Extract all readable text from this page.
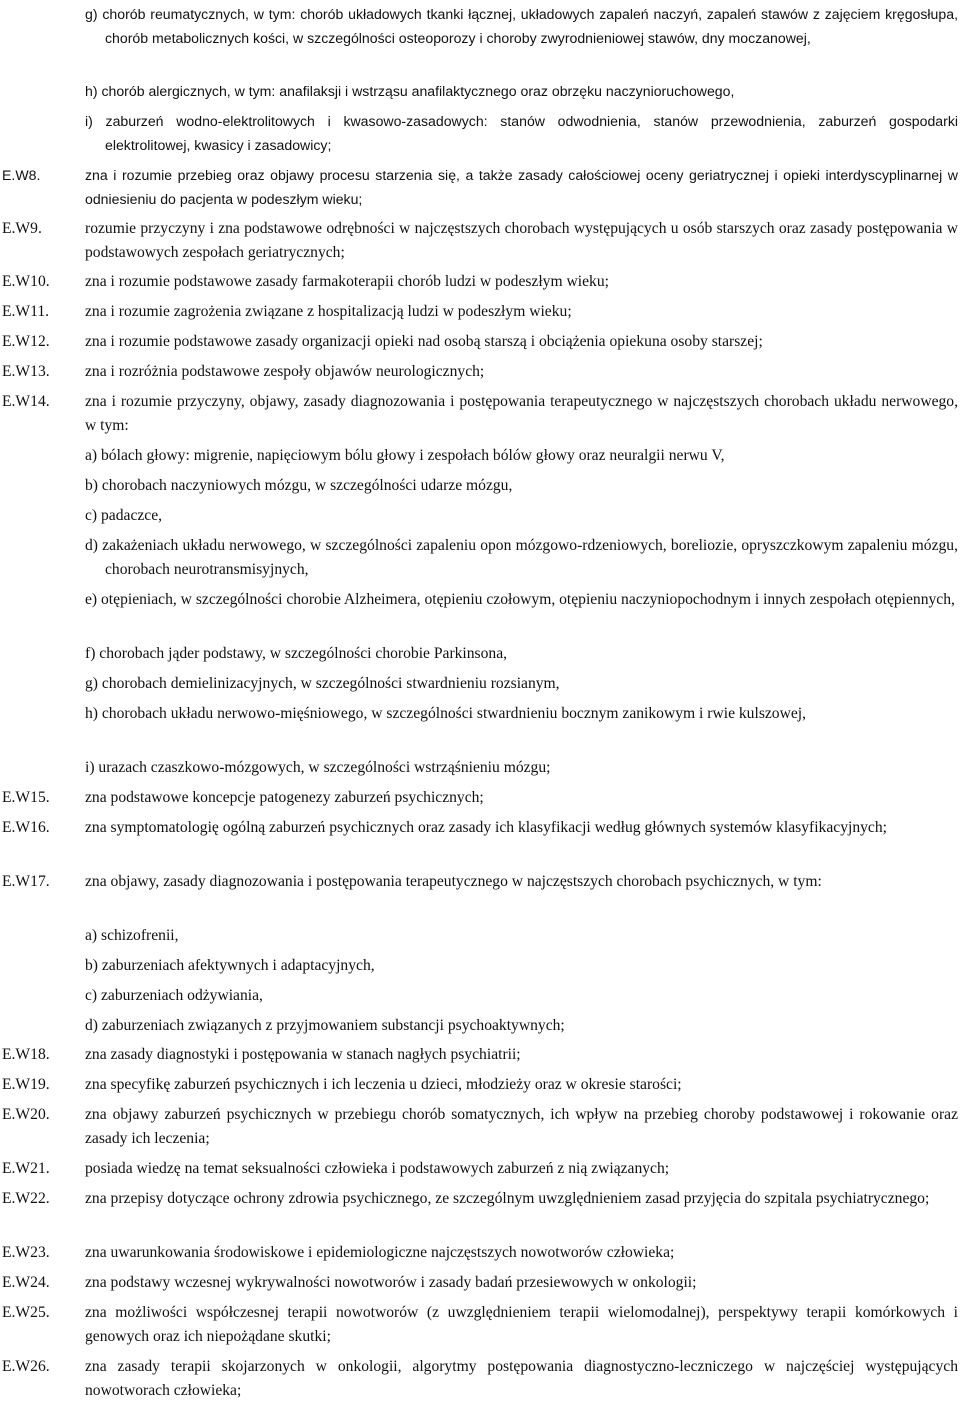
g) chorób reumatycznych, w tym: chorób układowych tkanki łącznej, układowych zapaleń naczyń, zapaleń stawów z zajęciem kręgosłupa, chorób metabolicznych kości, w szczególności osteoporozy i choroby zwyrodnieniowej stawów, dny moczanowej,
h) chorób alergicznych, w tym: anafilaksji i wstrząsu anafilaktycznego oraz obrzęku naczynioruchowego,
i) zaburzeń wodno-elektrolitowych i kwasowo-zasadowych: stanów odwodnienia, stanów przewodnienia, zaburzeń gospodarki elektrolitowej, kwasicy i zasadowicy;
E.W8.	zna i rozumie przebieg oraz objawy procesu starzenia się, a także zasady całościowej oceny geriatrycznej i opieki interdyscyplinarnej w odniesieniu do pacjenta w podeszłym wieku;
E.W9.	rozumie przyczyny i zna podstawowe odrębności w najczęstszych chorobach występujących u osób starszych oraz zasady postępowania w podstawowych zespołach geriatrycznych;
E.W10. zna i rozumie podstawowe zasady farmakoterapii chorób ludzi w podeszłym wieku;
E.W11. zna i rozumie zagrożenia związane z hospitalizacją ludzi w podeszłym wieku;
E.W12. zna i rozumie podstawowe zasady organizacji opieki nad osobą starszą i obciążenia opiekuna osoby starszej;
E.W13. zna i rozróżnia podstawowe zespoły objawów neurologicznych;
E.W14. zna i rozumie przyczyny, objawy, zasady diagnozowania i postępowania terapeutycznego w najczęstszych chorobach układu nerwowego, w tym:
a) bólach głowy: migrenie, napięciowym bólu głowy i zespołach bólów głowy oraz neuralgii nerwu V,
b) chorobach naczyniowych mózgu, w szczególności udarze mózgu,
c) padaczce,
d) zakażeniach układu nerwowego, w szczególności zapaleniu opon mózgowo-rdzeniowych, boreliozie, opryszczkowym zapaleniu mózgu, chorobach neurotransmisyjnych,
e) otępieniach, w szczególności chorobie Alzheimera, otępieniu czołowym, otępieniu naczyniopochodnym i innych zespołach otępiennych,
f) chorobach jąder podstawy, w szczególności chorobie Parkinsona,
g) chorobach demielinizacyjnych, w szczególności stwardnieniu rozsianym,
h) chorobach układu nerwowo-mięśniowego, w szczególności stwardnieniu bocznym zanikowym i rwie kulszowej,
i) urazach czaszkowo-mózgowych, w szczególności wstrząśnieniu mózgu;
E.W15. zna podstawowe koncepcje patogenezy zaburzeń psychicznych;
E.W16. zna symptomatologię ogólną zaburzeń psychicznych oraz zasady ich klasyfikacji według głównych systemów klasyfikacyjnych;
E.W17. zna objawy, zasady diagnozowania i postępowania terapeutycznego w najczęstszych chorobach psychicznych, w tym:
a) schizofrenii,
b) zaburzeniach afektywnych i adaptacyjnych,
c) zaburzeniach odżywiania,
d) zaburzeniach związanych z przyjmowaniem substancji psychoaktywnych;
E.W18. zna zasady diagnostyki i postępowania w stanach nagłych psychiatrii;
E.W19. zna specyfikę zaburzeń psychicznych i ich leczenia u dzieci, młodzieży oraz w okresie starości;
E.W20. zna objawy zaburzeń psychicznych w przebiegu chorób somatycznych, ich wpływ na przebieg choroby podstawowej i rokowanie oraz zasady ich leczenia;
E.W21. posiada wiedzę na temat seksualności człowieka i podstawowych zaburzeń z nią związanych;
E.W22. zna przepisy dotyczące ochrony zdrowia psychicznego, ze szczególnym uwzględnieniem zasad przyjęcia do szpitala psychiatrycznego;
E.W23. zna uwarunkowania środowiskowe i epidemiologiczne najczęstszych nowotworów człowieka;
E.W24. zna podstawy wczesnej wykrywalności nowotworów i zasady badań przesiewowych w onkologii;
E.W25. zna możliwości współczesnej terapii nowotworów (z uwzględnieniem terapii wielomodalnej), perspektywy terapii komórkowych i genowych oraz ich niepożądane skutki;
E.W26. zna zasady terapii skojarzonych w onkologii, algorytmy postępowania diagnostyczno-leczniczego w najczęściej występujących nowotworach człowieka;
